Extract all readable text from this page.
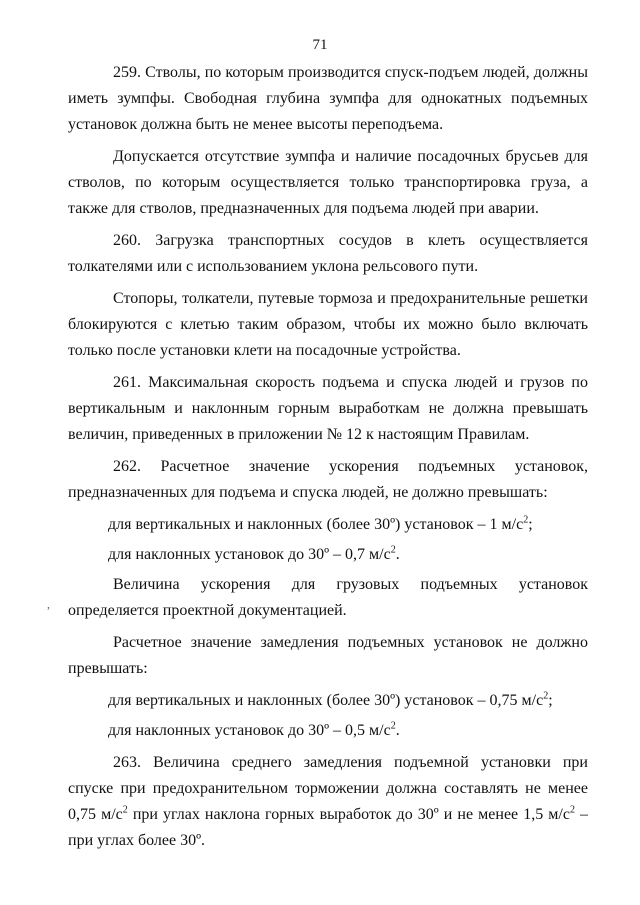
71
,

259. Стволы, по которым производится спуск-подъем людей, должны иметь зумпфы. Свободная глубина зумпфа для однокатных подъемных установок должна быть не менее высоты переподъема.

Допускается отсутствие зумпфа и наличие посадочных брусьев для стволов, по которым осуществляется только транспортировка груза, а также для стволов, предназначенных для подъема людей при аварии.

260. Загрузка транспортных сосудов в клеть осуществляется толкателями или с использованием уклона рельсового пути.

Стопоры, толкатели, путевые тормоза и предохранительные решетки блокируются с клетью таким образом, чтобы их можно было включать только после установки клети на посадочные устройства.

261. Максимальная скорость подъема и спуска людей и грузов по вертикальным и наклонным горным выработкам не должна превышать величин, приведенных в приложении № 12 к настоящим Правилам.

262. Расчетное значение ускорения подъемных установок, предназначенных для подъема и спуска людей, не должно превышать:

для вертикальных и наклонных (более 30º) установок – 1 $м/с^2$;

для наклонных установок до 30º – 0,7 $м/с^2$.

Величина ускорения для грузовых подъемных установок определяется проектной документацией.

Расчетное значение замедления подъемных установок не должно превышать:

для вертикальных и наклонных (более 30º) установок – 0,75 $м/с^2$;

для наклонных установок до 30º – 0,5 $м/с^2$.

263. Величина среднего замедления подъемной установки при спуске при предохранительном торможении должна составлять не менее 0,75 $м/с^2$ при углах наклона горных выработок до 30º и не менее 1,5 $м/с^2$ – при углах более 30º.
